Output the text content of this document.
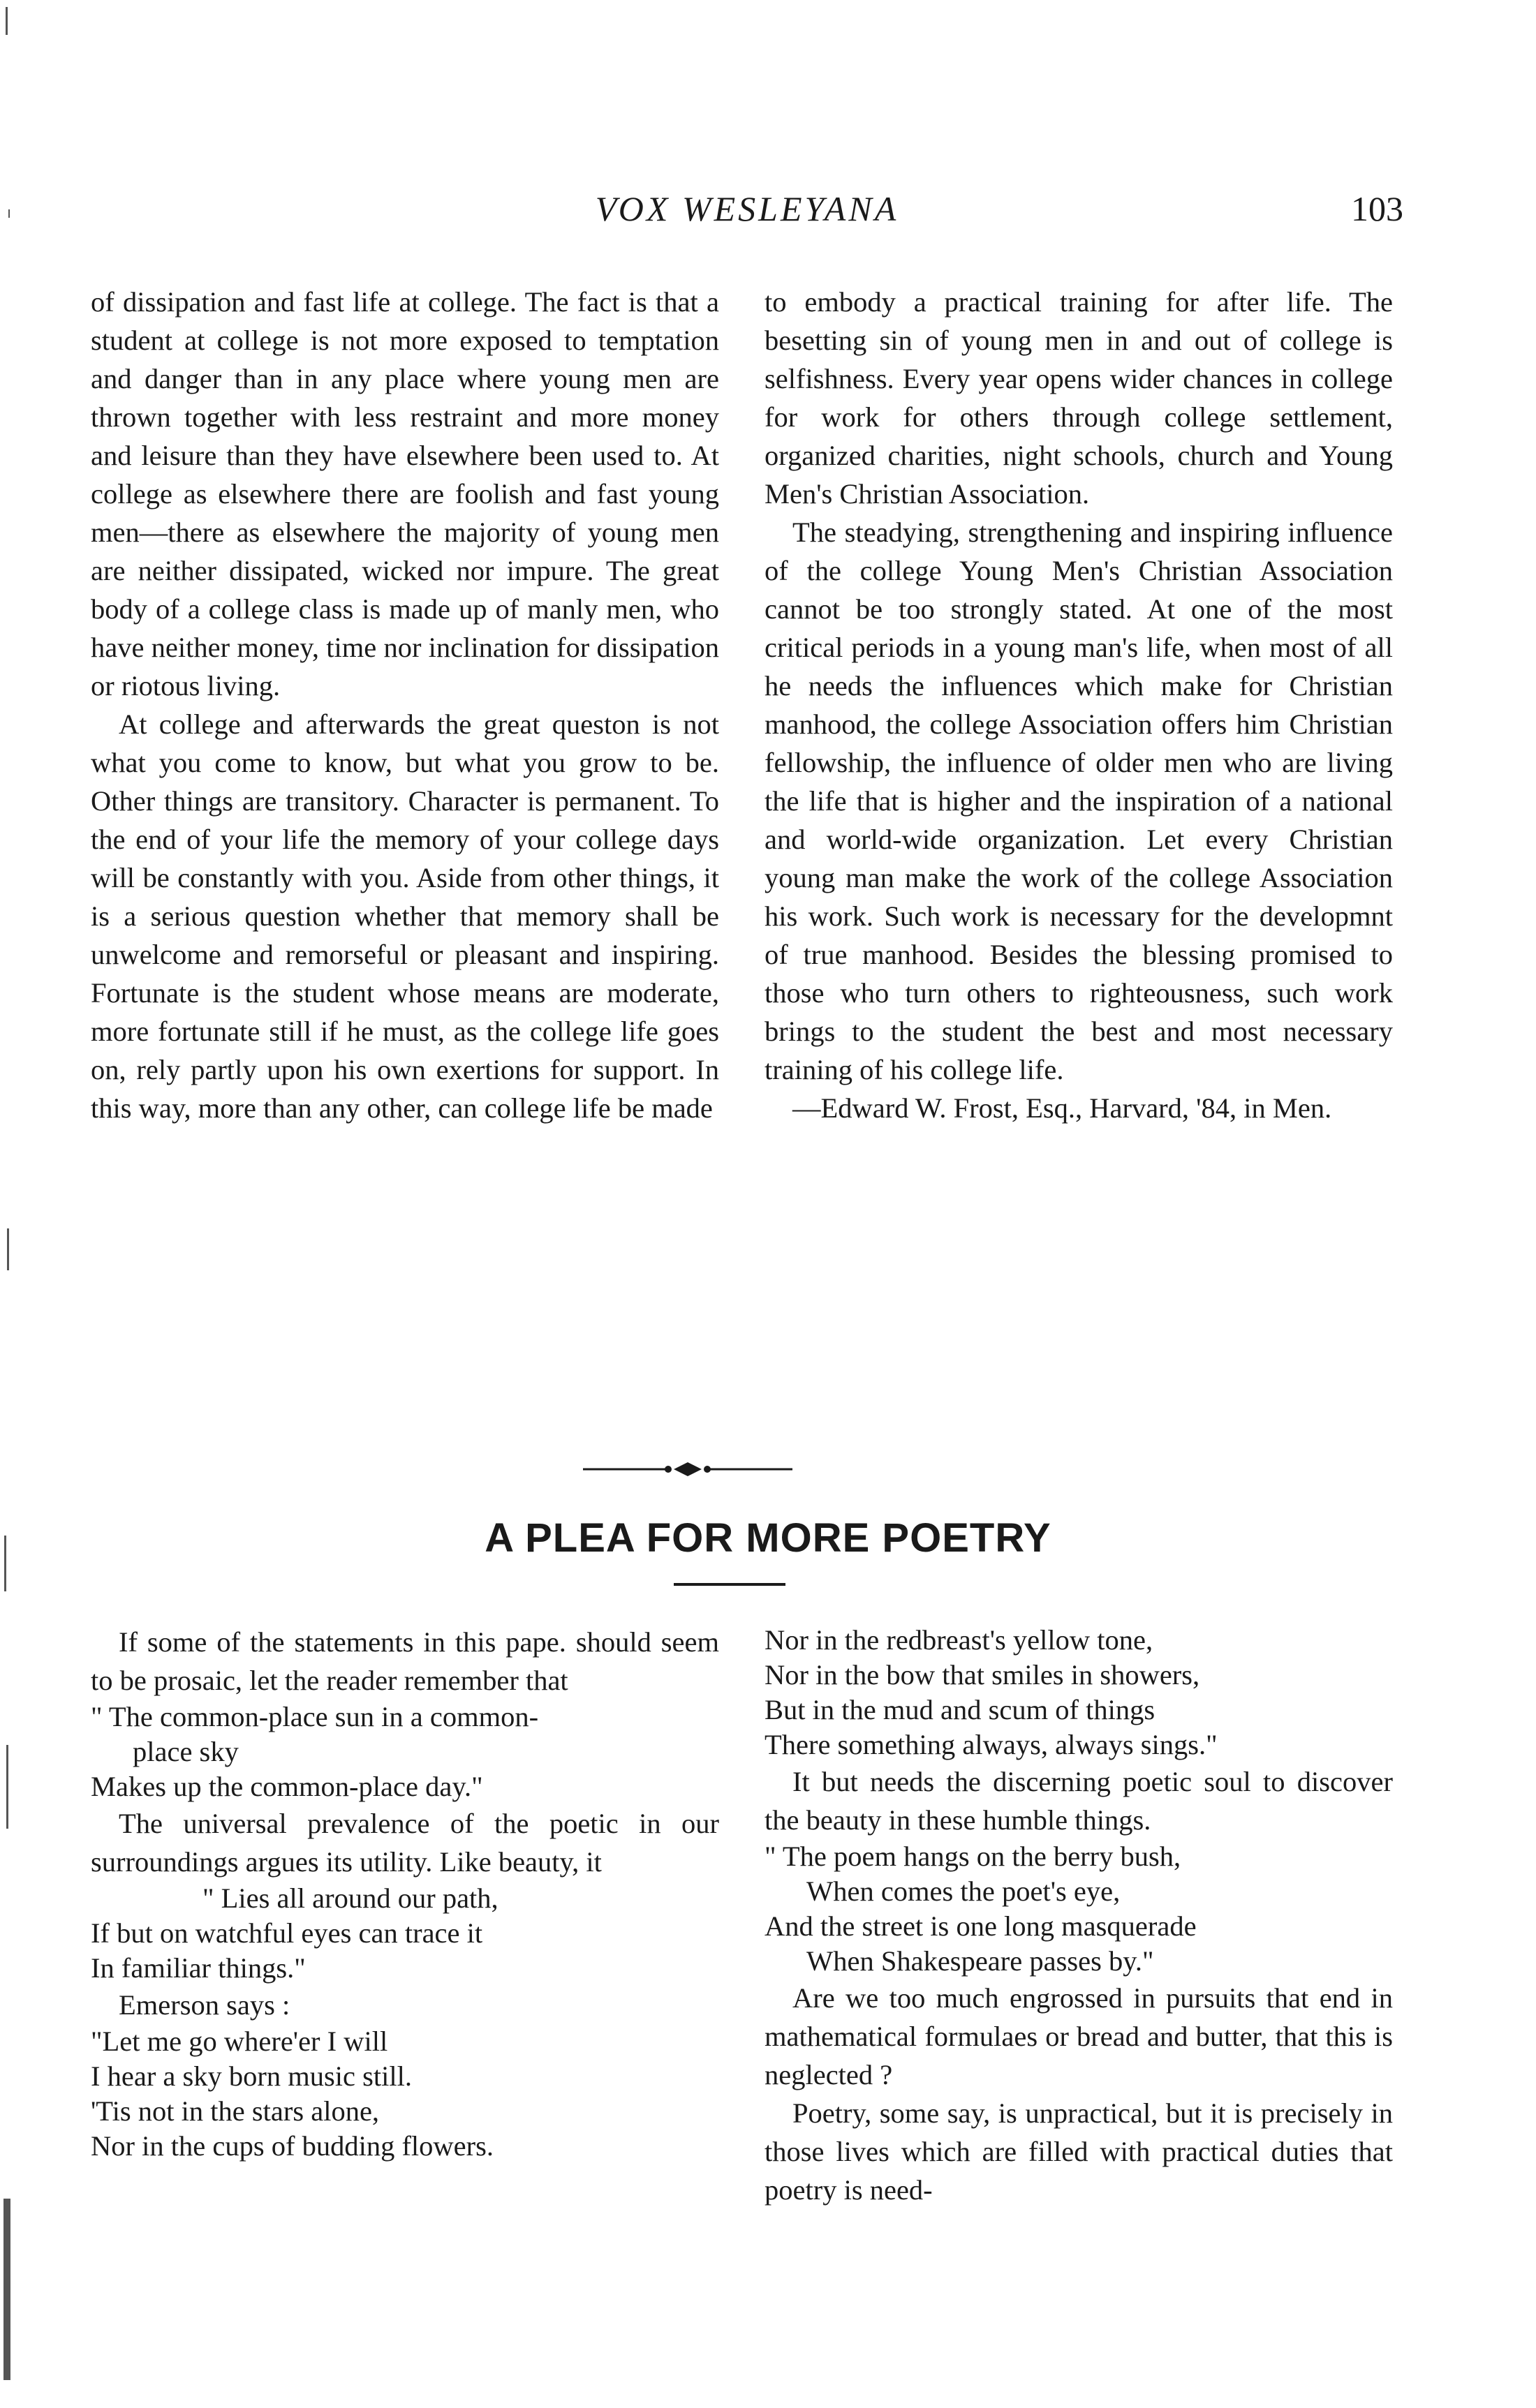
VOX WESLEYANA	103

of dissipation and fast life at college. The fact is that a student at college is not more exposed to temptation and danger than in any place where young men are thrown together with less restraint and more money and leisure than they have elsewhere been used to. At college as elsewhere there are foolish and fast young men—there as elsewhere the majority of young men are neither dissipated, wicked nor impure. The great body of a college class is made up of manly men, who have neither money, time nor inclination for dissipation or riotous living.

At college and afterwards the great queston is not what you come to know, but what you grow to be. Other things are transitory. Character is permanent. To the end of your life the memory of your college days will be constantly with you. Aside from other things, it is a serious question whether that memory shall be unwelcome and remorseful or pleasant and inspiring. Fortunate is the student whose means are moderate, more fortunate still if he must, as the college life goes on, rely partly upon his own exertions for support. In this way, more than any other, can college life be made

to embody a practical training for after life. The besetting sin of young men in and out of college is selfishness. Every year opens wider chances in college for work for others through college settlement, organized charities, night schools, church and Young Men's Christian Association.

The steadying, strengthening and inspiring influence of the college Young Men's Christian Association cannot be too strongly stated. At one of the most critical periods in a young man's life, when most of all he needs the influences which make for Christian manhood, the college Association offers him Christian fellowship, the influence of older men who are living the life that is higher and the inspiration of a national and world-wide organization. Let every Christian young man make the work of the college Association his work. Such work is necessary for the developmnt of true manhood. Besides the blessing promised to those who turn others to righteousness, such work brings to the student the best and most necessary training of his college life.

—Edward W. Frost, Esq., Harvard, '84, in Men.

A PLEA FOR MORE POETRY

If some of the statements in this pape. should seem to be prosaic, let the reader remember that

" The common-place sun in a common-
place sky
Makes up the common-place day."

The universal prevalence of the poetic in our surroundings argues its utility. Like beauty, it

" Lies all around our path,
If but on watchful eyes can trace it
In familiar things."

Emerson says :

"Let me go where'er I will
I hear a sky born music still.
'Tis not in the stars alone,
Nor in the cups of budding flowers.
Nor in the redbreast's yellow tone,
Nor in the bow that smiles in showers,
But in the mud and scum of things
There something always, always sings."

It but needs the discerning poetic soul to discover the beauty in these humble things.

" The poem hangs on the berry bush,
When comes the poet's eye,
And the street is one long masquerade
When Shakespeare passes by."

Are we too much engrossed in pursuits that end in mathematical formulaes or bread and butter, that this is neglected ?

Poetry, some say, is unpractical, but it is precisely in those lives which are filled with practical duties that poetry is need-
